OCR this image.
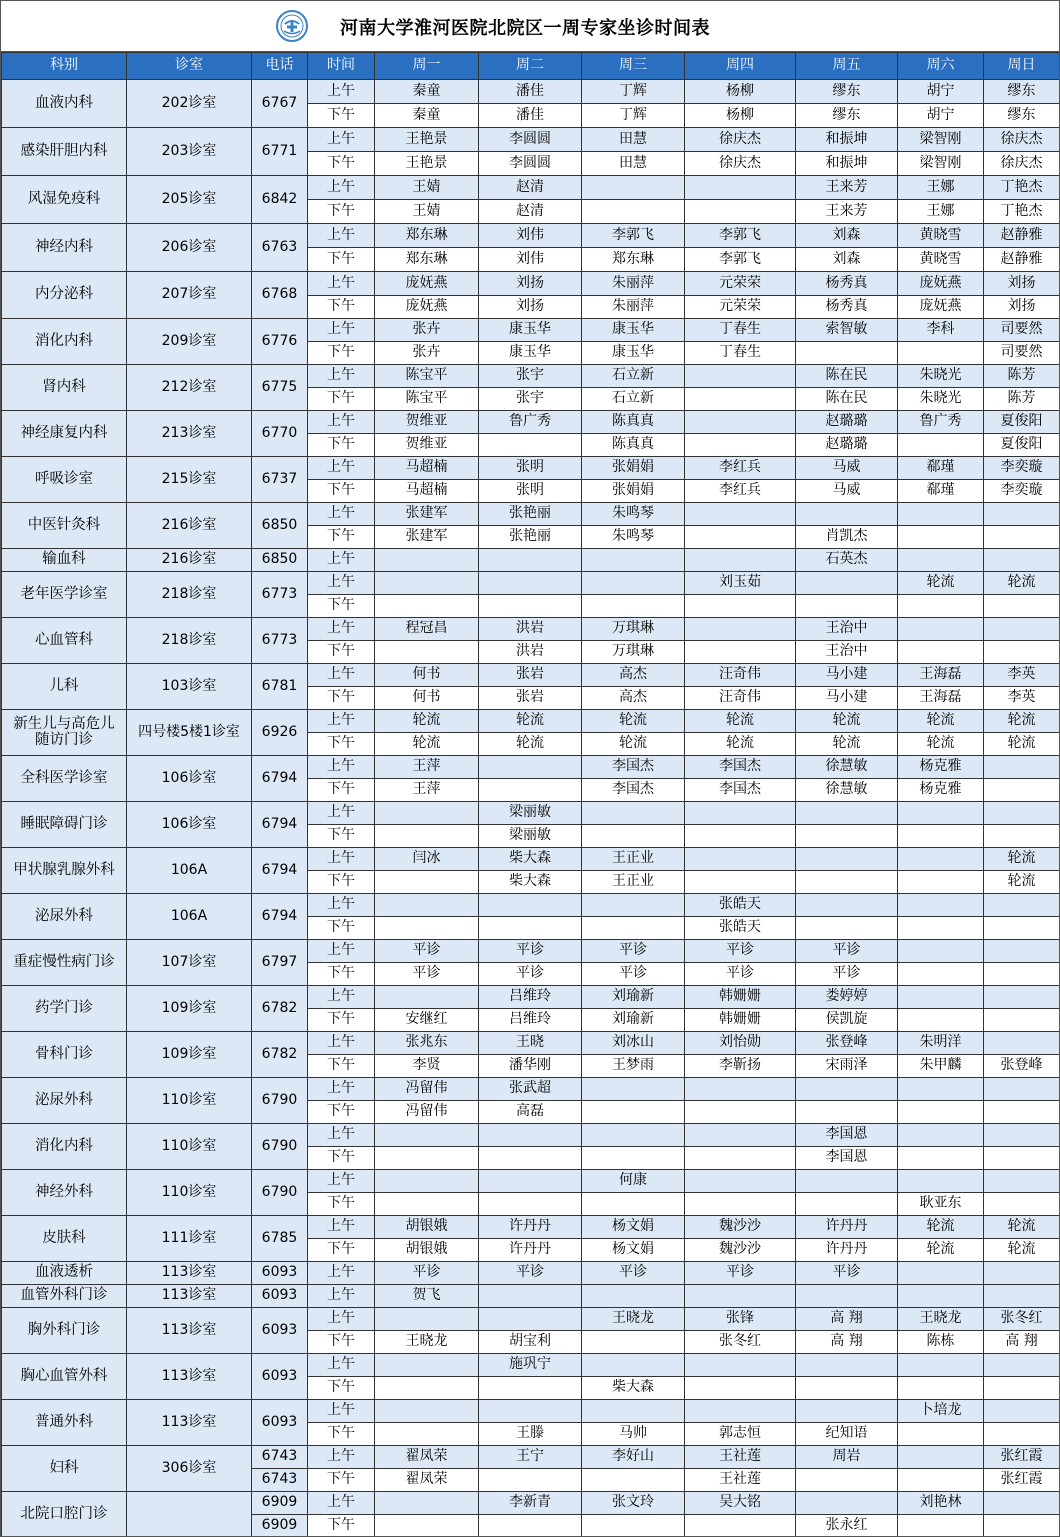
河南大学淮河医院北院区一周专家坐诊时间表
科别	诊室	电话	时间	周一	周二	周三	周四	周五	周六	周日
血液内科	202诊室	6767	上午	秦童	潘佳	丁辉	杨柳	缪东	胡宁	缪东
			下午	秦童	潘佳	丁辉	杨柳	缪东	胡宁	缪东
感染肝胆内科	203诊室	6771	上午	王艳景	李圆圆	田慧	徐庆杰	和振坤	梁智刚	徐庆杰
			下午	王艳景	李圆圆	田慧	徐庆杰	和振坤	梁智刚	徐庆杰
风湿免疫科	205诊室	6842	上午	王婧	赵清			王来芳	王娜	丁艳杰
			下午	王婧	赵清			王来芳	王娜	丁艳杰
神经内科	206诊室	6763	上午	郑东琳	刘伟	李郭飞	李郭飞	刘森	黄晓雪	赵静雅
			下午	郑东琳	刘伟	郑东琳	李郭飞	刘森	黄晓雪	赵静雅
内分泌科	207诊室	6768	上午	庞妩燕	刘扬	朱丽萍	元荣荣	杨秀真	庞妩燕	刘扬
			下午	庞妩燕	刘扬	朱丽萍	元荣荣	杨秀真	庞妩燕	刘扬
消化内科	209诊室	6776	上午	张卉	康玉华	康玉华	丁春生	索智敏	李科	司要然
			下午	张卉	康玉华	康玉华	丁春生			司要然
肾内科	212诊室	6775	上午	陈宝平	张宇	石立新		陈在民	朱晓光	陈芳
			下午	陈宝平	张宇	石立新		陈在民	朱晓光	陈芳
神经康复内科	213诊室	6770	上午	贺维亚	鲁广秀	陈真真		赵璐璐	鲁广秀	夏俊阳
			下午	贺维亚		陈真真		赵璐璐		夏俊阳
呼吸诊室	215诊室	6737	上午	马超楠	张明	张娟娟	李红兵	马威	郗瑾	李奕璇
			下午	马超楠	张明	张娟娟	李红兵	马威	郗瑾	李奕璇
中医针灸科	216诊室	6850	上午	张建军	张艳丽	朱鸣琴				
			下午	张建军	张艳丽	朱鸣琴		肖凯杰		
输血科	216诊室	6850	上午					石英杰		
老年医学诊室	218诊室	6773	上午				刘玉茹		轮流	轮流
			下午							
心血管科	218诊室	6773	上午	程冠昌	洪岩	万琪琳		王治中		
			下午		洪岩	万琪琳		王治中		
儿科	103诊室	6781	上午	何书	张岩	高杰	汪奇伟	马小建	王海磊	李英
			下午	何书	张岩	高杰	汪奇伟	马小建	王海磊	李英
新生儿与高危儿
随访门诊	四号楼5楼1诊室	6926	上午	轮流	轮流	轮流	轮流	轮流	轮流	轮流
			下午	轮流	轮流	轮流	轮流	轮流	轮流	轮流
全科医学诊室	106诊室	6794	上午	王萍		李国杰	李国杰	徐慧敏	杨克雅	
			下午	王萍		李国杰	李国杰	徐慧敏	杨克雅	
睡眠障碍门诊	106诊室	6794	上午		梁丽敏					
			下午		梁丽敏					
甲状腺乳腺外科	106A	6794	上午	闫冰	柴大森	王正业				轮流
			下午		柴大森	王正业				轮流
泌尿外科	106A	6794	上午				张皓天			
			下午				张皓天			
重症慢性病门诊	107诊室	6797	上午	平诊	平诊	平诊	平诊	平诊		
			下午	平诊	平诊	平诊	平诊	平诊		
药学门诊	109诊室	6782	上午		吕维玲	刘瑜新	韩姗姗	娄婷婷		
			下午	安继红	吕维玲	刘瑜新	韩姗姗	侯凯旋		
骨科门诊	109诊室	6782	上午	张兆东	王晓	刘冰山	刘怡勋	张登峰	朱明洋	
			下午	李贤	潘华刚	王梦雨	李靳扬	宋雨泽	朱甲麟	张登峰
泌尿外科	110诊室	6790	上午	冯留伟	张武超					
			下午	冯留伟	高磊					
消化内科	110诊室	6790	上午					李国恩		
			下午					李国恩		
神经外科	110诊室	6790	上午			何康				
			下午						耿亚东	
皮肤科	111诊室	6785	上午	胡银娥	许丹丹	杨文娟	魏沙沙	许丹丹	轮流	轮流
			下午	胡银娥	许丹丹	杨文娟	魏沙沙	许丹丹	轮流	轮流
血液透析	113诊室	6093	上午	平诊	平诊	平诊	平诊	平诊		
血管外科门诊	113诊室	6093	上午	贺飞						
胸外科门诊	113诊室	6093	上午			王晓龙	张锋	高 翔	王晓龙	张冬红
			下午	王晓龙	胡宝利		张冬红	高 翔	陈栋	高 翔
胸心血管外科	113诊室	6093	上午		施巩宁					
			下午			柴大森				
普通外科	113诊室	6093	上午						卜培龙	
			下午		王滕	马帅	郭志恒	纪知语		
妇科	306诊室	6743	上午	翟凤荣	王宁	李好山	王社莲	周岩		张红霞
		6743	下午	翟凤荣			王社莲			张红霞
北院口腔门诊		6909	上午		李新青	张文玲	吴大铭		刘艳林	
		6909	下午					张永红		
